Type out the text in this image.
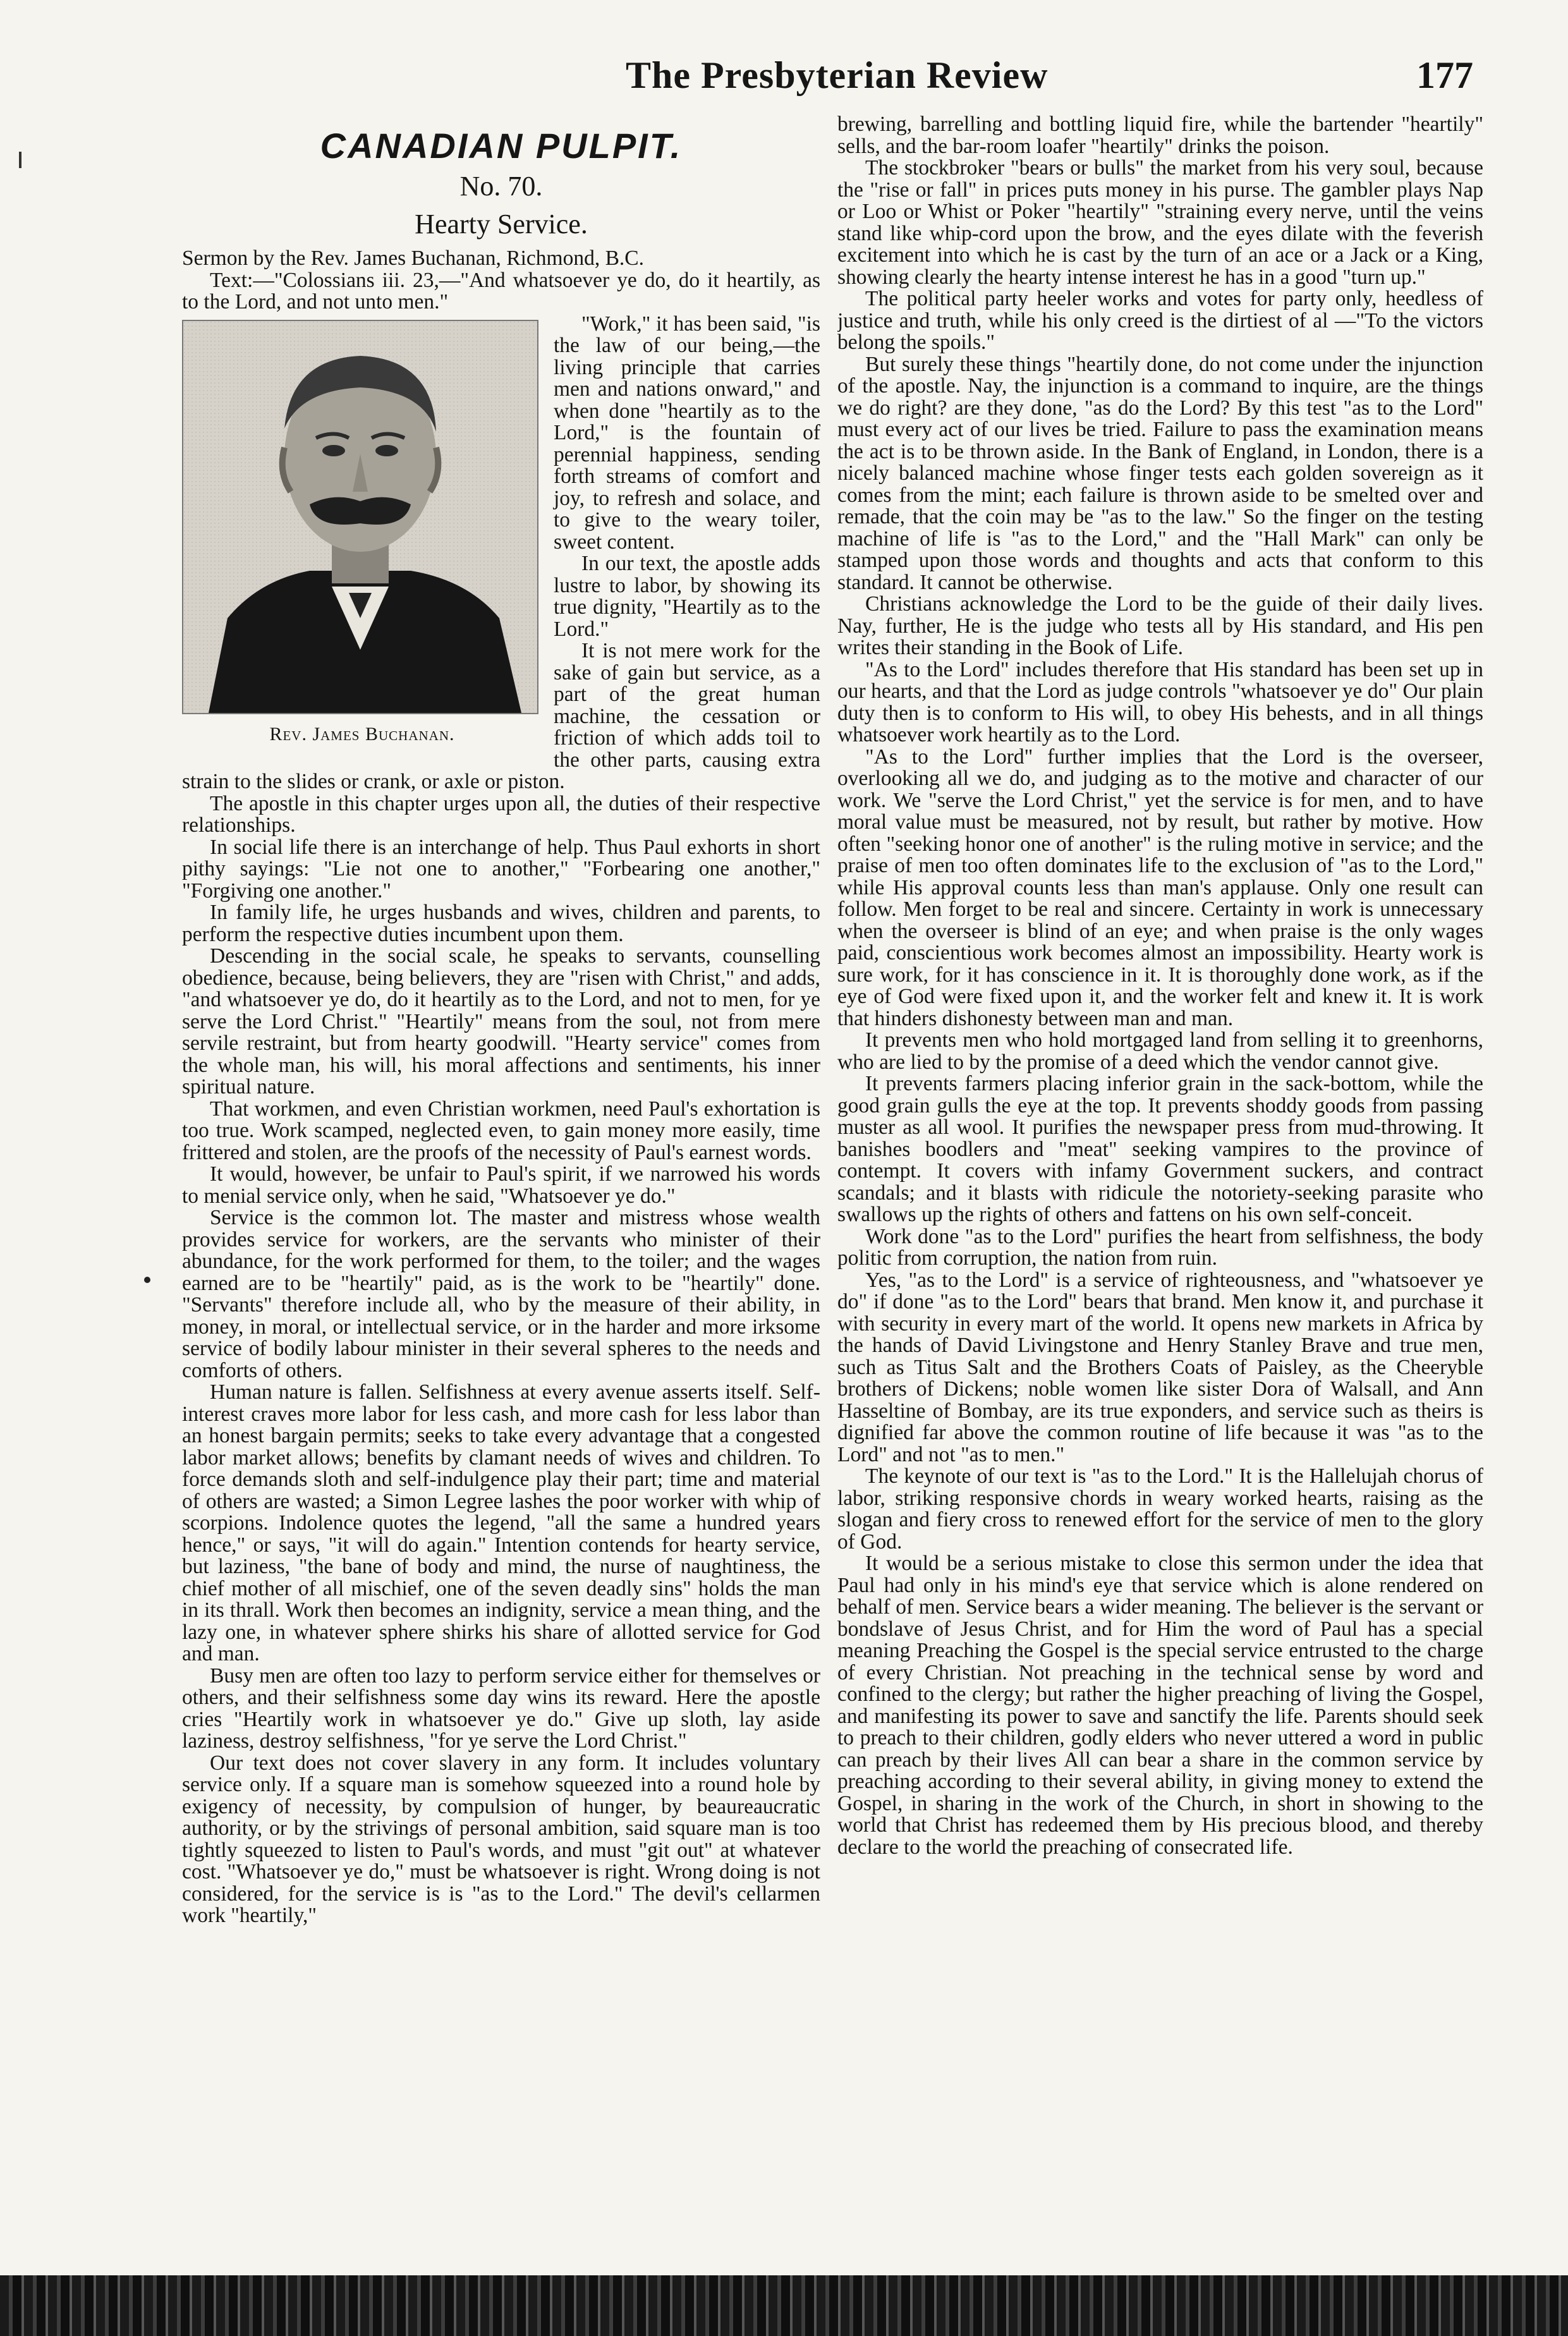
The Presbyterian Review	177
CANADIAN PULPIT.
No. 70.
Hearty Service.

Sermon by the Rev. James Buchanan, Richmond, B.C.

Text:—"Colossians iii. 23,—"And whatsoever ye do, do it heartily, as to the Lord, and not unto men."

Rev. James Buchanan.

"Work," it has been said, "is the law of our being,—the living principle that carries men and nations onward," and when done "heartily as to the Lord," is the fountain of perennial happiness, sending forth streams of comfort and joy, to refresh and solace, and to give to the weary toiler, sweet content.

In our text, the apostle adds lustre to labor, by showing its true dignity, "Heartily as to the Lord."

It is not mere work for the sake of gain but service, as a part of the great human machine, the cessation or friction of which adds toil to the other parts, causing extra strain to the slides or crank, or axle or piston.

The apostle in this chapter urges upon all, the duties of their respective relationships.

In social life there is an interchange of help. Thus Paul exhorts in short pithy sayings: "Lie not one to another," "Forbearing one another," "Forgiving one another."

In family life, he urges husbands and wives, children and parents, to perform the respective duties incumbent upon them.

Descending in the social scale, he speaks to servants, counselling obedience, because, being believers, they are "risen with Christ," and adds, "and whatsoever ye do, do it heartily as to the Lord, and not to men, for ye serve the Lord Christ." "Heartily" means from the soul, not from mere servile restraint, but from hearty goodwill. "Hearty service" comes from the whole man, his will, his moral affections and sentiments, his inner spiritual nature.

That workmen, and even Christian workmen, need Paul's exhortation is too true. Work scamped, neglected even, to gain money more easily, time frittered and stolen, are the proofs of the necessity of Paul's earnest words.

It would, however, be unfair to Paul's spirit, if we narrowed his words to menial service only, when he said, "Whatsoever ye do."

Service is the common lot. The master and mistress whose wealth provides service for workers, are the servants who minister of their abundance, for the work performed for them, to the toiler; and the wages earned are to be "heartily" paid, as is the work to be "heartily" done. "Servants" therefore include all, who by the measure of their ability, in money, in moral, or intellectual service, or in the harder and more irksome service of bodily labour minister in their several spheres to the needs and comforts of others.

Human nature is fallen. Selfishness at every avenue asserts itself. Self-interest craves more labor for less cash, and more cash for less labor than an honest bargain permits; seeks to take every advantage that a congested labor market allows; benefits by clamant needs of wives and children. To force demands sloth and self-indulgence play their part; time and material of others are wasted; a Simon Legree lashes the poor worker with whip of scorpions. Indolence quotes the legend, "all the same a hundred years hence," or says, "it will do again." Intention contends for hearty service, but laziness, "the bane of body and mind, the nurse of naughtiness, the chief mother of all mischief, one of the seven deadly sins" holds the man in its thrall. Work then becomes an indignity, service a mean thing, and the lazy one, in whatever sphere shirks his share of allotted service for God and man.

Busy men are often too lazy to perform service either for themselves or others, and their selfishness some day wins its reward. Here the apostle cries "Heartily work in whatsoever ye do." Give up sloth, lay aside laziness, destroy selfishness, "for ye serve the Lord Christ."

Our text does not cover slavery in any form. It includes voluntary service only. If a square man is somehow squeezed into a round hole by exigency of necessity, by compulsion of hunger, by beaureaucratic authority, or by the strivings of personal ambition, said square man is too tightly squeezed to listen to Paul's words, and must "git out" at whatever cost. "Whatsoever ye do," must be whatsoever is right. Wrong doing is not considered, for the service is is "as to the Lord." The devil's cellarmen work "heartily,"

brewing, barrelling and bottling liquid fire, while the bartender "heartily" sells, and the bar-room loafer "heartily" drinks the poison.

The stockbroker "bears or bulls" the market from his very soul, because the "rise or fall" in prices puts money in his purse. The gambler plays Nap or Loo or Whist or Poker "heartily" "straining every nerve, until the veins stand like whip-cord upon the brow, and the eyes dilate with the feverish excitement into which he is cast by the turn of an ace or a Jack or a King, showing clearly the hearty intense interest he has in a good "turn up."

The political party heeler works and votes for party only, heedless of justice and truth, while his only creed is the dirtiest of al —"To the victors belong the spoils."

But surely these things "heartily done, do not come under the injunction of the apostle. Nay, the injunction is a command to inquire, are the things we do right? are they done, "as do the Lord? By this test "as to the Lord" must every act of our lives be tried. Failure to pass the examination means the act is to be thrown aside. In the Bank of England, in London, there is a nicely balanced machine whose finger tests each golden sovereign as it comes from the mint; each failure is thrown aside to be smelted over and remade, that the coin may be "as to the law." So the finger on the testing machine of life is "as to the Lord," and the "Hall Mark" can only be stamped upon those words and thoughts and acts that conform to this standard. It cannot be otherwise.

Christians acknowledge the Lord to be the guide of their daily lives. Nay, further, He is the judge who tests all by His standard, and His pen writes their standing in the Book of Life.

"As to the Lord" includes therefore that His standard has been set up in our hearts, and that the Lord as judge controls "whatsoever ye do" Our plain duty then is to conform to His will, to obey His behests, and in all things whatsoever work heartily as to the Lord.

"As to the Lord" further implies that the Lord is the overseer, overlooking all we do, and judging as to the motive and character of our work. We "serve the Lord Christ," yet the service is for men, and to have moral value must be measured, not by result, but rather by motive. How often "seeking honor one of another" is the ruling motive in service; and the praise of men too often dominates life to the exclusion of "as to the Lord," while His approval counts less than man's applause. Only one result can follow. Men forget to be real and sincere. Certainty in work is unnecessary when the overseer is blind of an eye; and when praise is the only wages paid, conscientious work becomes almost an impossibility. Hearty work is sure work, for it has conscience in it. It is thoroughly done work, as if the eye of God were fixed upon it, and the worker felt and knew it. It is work that hinders dishonesty between man and man.

It prevents men who hold mortgaged land from selling it to greenhorns, who are lied to by the promise of a deed which the vendor cannot give.

It prevents farmers placing inferior grain in the sack-bottom, while the good grain gulls the eye at the top. It prevents shoddy goods from passing muster as all wool. It purifies the newspaper press from mud-throwing. It banishes boodlers and "meat" seeking vampires to the province of contempt. It covers with infamy Government suckers, and contract scandals; and it blasts with ridicule the notoriety-seeking parasite who swallows up the rights of others and fattens on his own self-conceit.

Work done "as to the Lord" purifies the heart from selfishness, the body politic from corruption, the nation from ruin.

Yes, "as to the Lord" is a service of righteousness, and "whatsoever ye do" if done "as to the Lord" bears that brand. Men know it, and purchase it with security in every mart of the world. It opens new markets in Africa by the hands of David Livingstone and Henry Stanley Brave and true men, such as Titus Salt and the Brothers Coats of Paisley, as the Cheeryble brothers of Dickens; noble women like sister Dora of Walsall, and Ann Hasseltine of Bombay, are its true exponders, and service such as theirs is dignified far above the common routine of life because it was "as to the Lord" and not "as to men."

The keynote of our text is "as to the Lord." It is the Hallelujah chorus of labor, striking responsive chords in weary worked hearts, raising as the slogan and fiery cross to renewed effort for the service of men to the glory of God.

It would be a serious mistake to close this sermon under the idea that Paul had only in his mind's eye that service which is alone rendered on behalf of men. Service bears a wider meaning. The believer is the servant or bondslave of Jesus Christ, and for Him the word of Paul has a special meaning Preaching the Gospel is the special service entrusted to the charge of every Christian. Not preaching in the technical sense by word and confined to the clergy; but rather the higher preaching of living the Gospel, and manifesting its power to save and sanctify the life. Parents should seek to preach to their children, godly elders who never uttered a word in public can preach by their lives All can bear a share in the common service by preaching according to their several ability, in giving money to extend the Gospel, in sharing in the work of the Church, in short in showing to the world that Christ has redeemed them by His precious blood, and thereby declare to the world the preaching of consecrated life.
